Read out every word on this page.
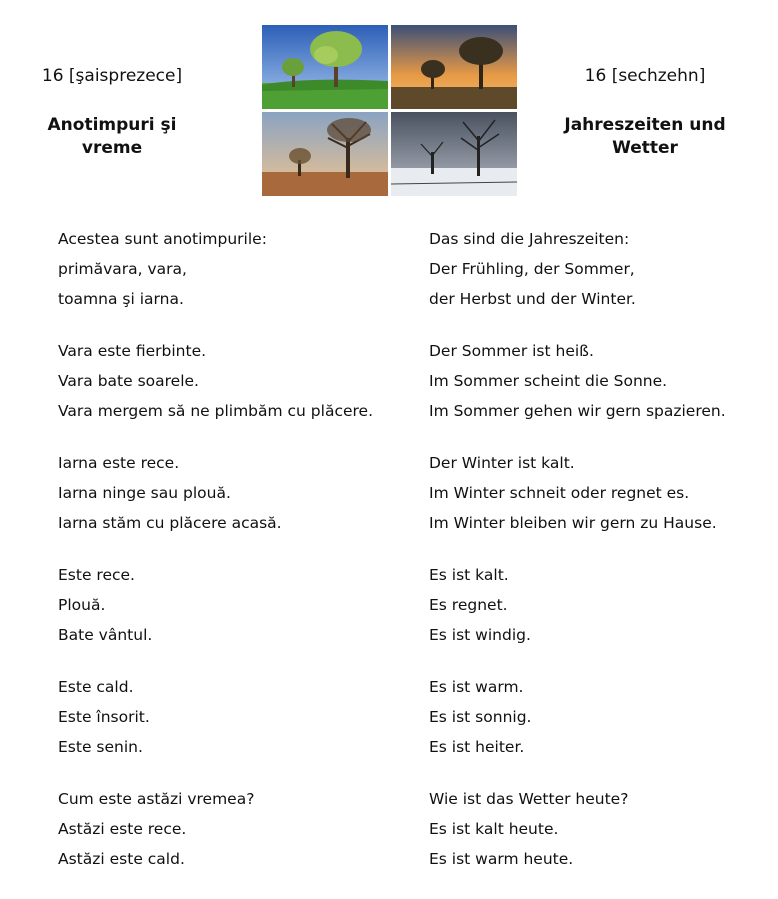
16 [şaisprezece]
Anotimpuri şi vreme
16 [sechzehn]
Jahreszeiten und Wetter
Acestea sunt anotimpurile:
primăvara, vara,
toamna şi iarna.
Vara este fierbinte.
Vara bate soarele.
Vara mergem să ne plimbăm cu plăcere.
Iarna este rece.
Iarna ninge sau plouă.
Iarna stăm cu plăcere acasă.
Este rece.
Plouă.
Bate vântul.
Este cald.
Este însorit.
Este senin.
Cum este astăzi vremea?
Astăzi este rece.
Astăzi este cald.
Das sind die Jahreszeiten:
Der Frühling, der Sommer,
der Herbst und der Winter.
Der Sommer ist heiß.
Im Sommer scheint die Sonne.
Im Sommer gehen wir gern spazieren.
Der Winter ist kalt.
Im Winter schneit oder regnet es.
Im Winter bleiben wir gern zu Hause.
Es ist kalt.
Es regnet.
Es ist windig.
Es ist warm.
Es ist sonnig.
Es ist heiter.
Wie ist das Wetter heute?
Es ist kalt heute.
Es ist warm heute.
